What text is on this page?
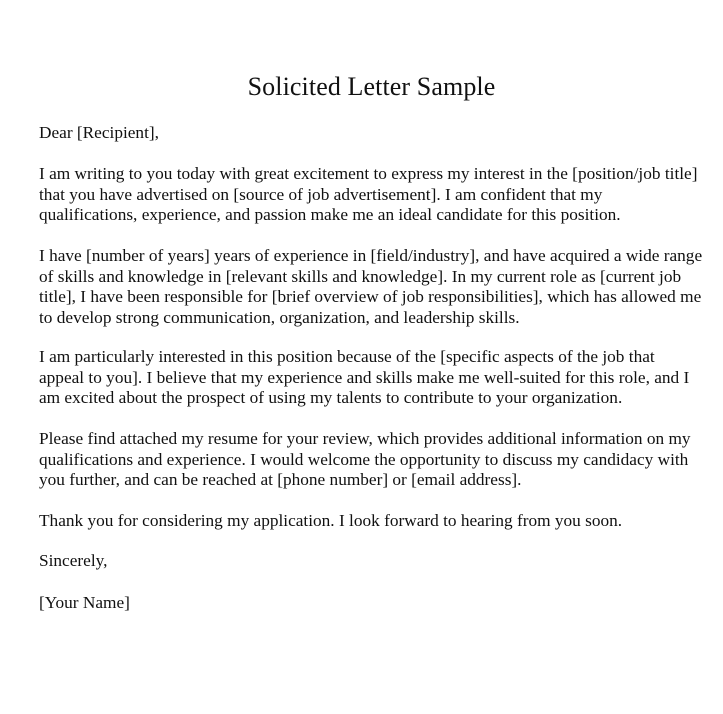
Solicited Letter Sample

Dear [Recipient],

I am writing to you today with great excitement to express my interest in the [position/job title] that you have advertised on [source of job advertisement]. I am confident that my qualifications, experience, and passion make me an ideal candidate for this position.

I have [number of years] years of experience in [field/industry], and have acquired a wide range of skills and knowledge in [relevant skills and knowledge]. In my current role as [current job title], I have been responsible for [brief overview of job responsibilities], which has allowed me to develop strong communication, organization, and leadership skills.

I am particularly interested in this position because of the [specific aspects of the job that appeal to you]. I believe that my experience and skills make me well-suited for this role, and I am excited about the prospect of using my talents to contribute to your organization.

Please find attached my resume for your review, which provides additional information on my qualifications and experience. I would welcome the opportunity to discuss my candidacy with you further, and can be reached at [phone number] or [email address].

Thank you for considering my application. I look forward to hearing from you soon.

Sincerely,

[Your Name]
